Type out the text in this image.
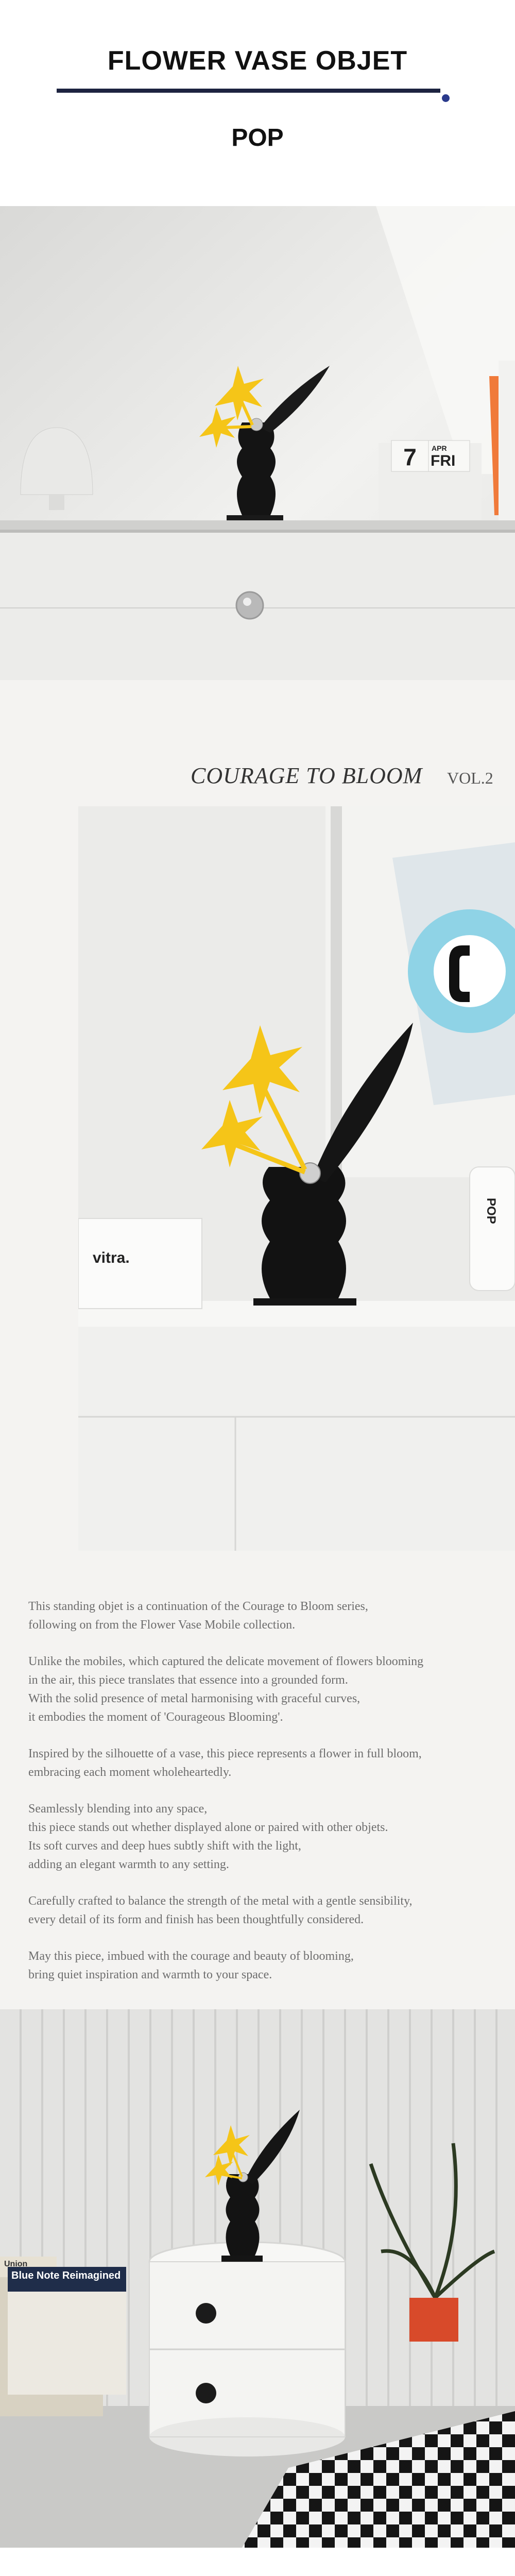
FLOWER VASE OBJET
POP
7	APR
FRI
COURAGE TO BLOOM VOL.2
vitra.
POP

This standing objet is a continuation of the Courage to Bloom series,
following on from the Flower Vase Mobile collection.

Unlike the mobiles, which captured the delicate movement of flowers blooming
in the air, this piece translates that essence into a grounded form.
With the solid presence of metal harmonising with graceful curves,
it embodies the moment of 'Courageous Blooming'.

Inspired by the silhouette of a vase, this piece represents a flower in full bloom,
embracing each moment wholeheartedly.

Seamlessly blending into any space,
this piece stands out whether displayed alone or paired with other objets.
Its soft curves and deep hues subtly shift with the light,
adding an elegant warmth to any setting.

Carefully crafted to balance the strength of the metal with a gentle sensibility,
every detail of its form and finish has been thoughtfully considered.

May this piece, imbued with the courage and beauty of blooming,
bring quiet inspiration and warmth to your space.

Blue Note Reimagined
Union
